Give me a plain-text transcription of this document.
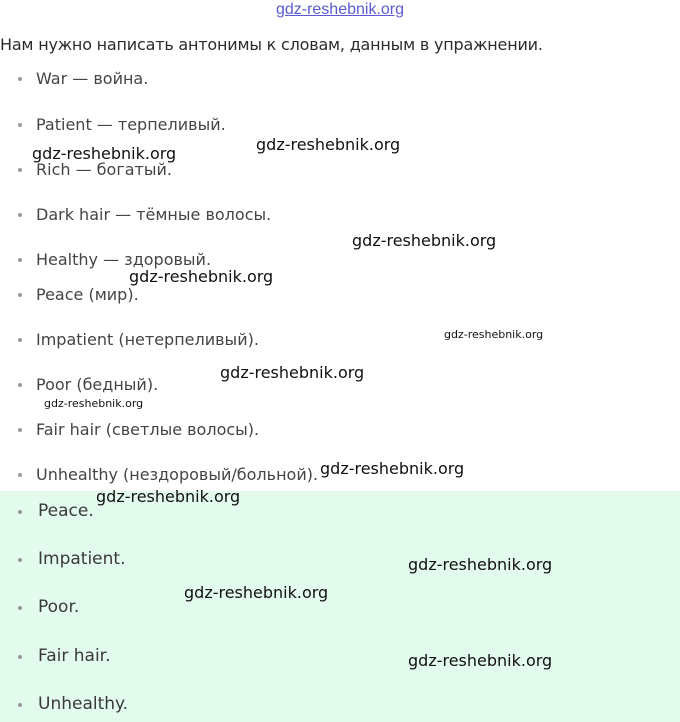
gdz-reshebnik.org
Нам нужно написать антонимы к словам, данным в упражнении.
War — война.
Patient — терпеливый.
Rich — богатый.
Dark hair — тёмные волосы.
Healthy — здоровый.
Peace (мир).
Impatient (нетерпеливый).
Poor (бедный).
Fair hair (светлые волосы).
Unhealthy (нездоровый/больной).
Peace.
Impatient.
Poor.
Fair hair.
Unhealthy.
gdz-reshebnik.org
gdz-reshebnik.org
gdz-reshebnik.org
gdz-reshebnik.org
gdz-reshebnik.org
gdz-reshebnik.org
gdz-reshebnik.org
gdz-reshebnik.org
gdz-reshebnik.org
gdz-reshebnik.org
gdz-reshebnik.org
gdz-reshebnik.org
